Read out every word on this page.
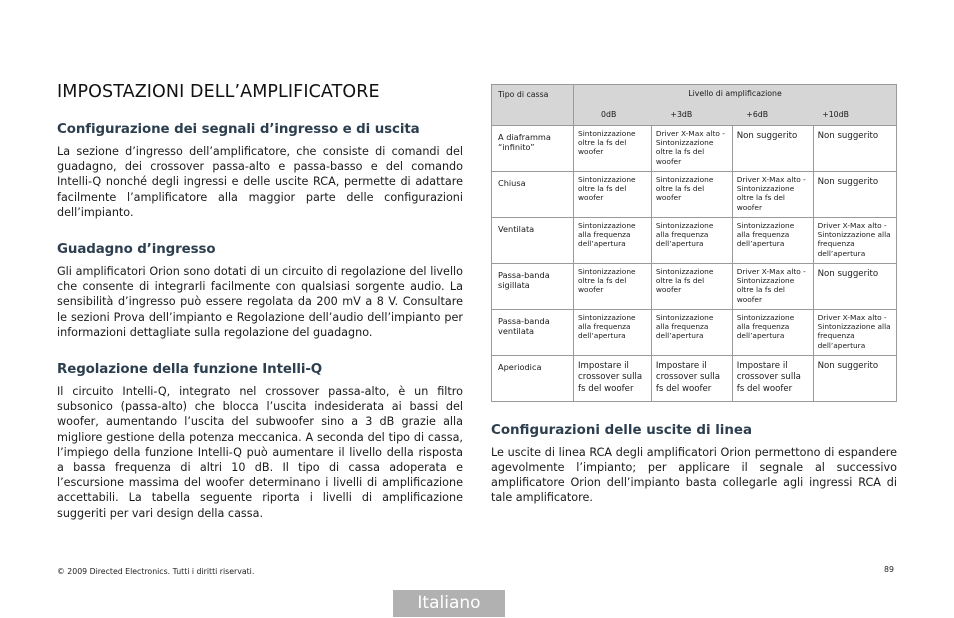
IMPOSTAZIONI DELL’AMPLIFICATORE
Configurazione dei segnali d’ingresso e di uscita

La sezione d’ingresso dell’amplificatore, che consiste di comandi del guadagno, dei crossover passa-alto e passa-basso e del comando Intelli-Q nonché degli ingressi e delle uscite RCA, permette di adattare facilmente l’amplificatore alla maggior parte delle configurazioni dell’impianto.

Guadagno d’ingresso

Gli amplificatori Orion sono dotati di un circuito di regolazione del livello che consente di integrarli facilmente con qualsiasi sorgente audio. La sensibilità d’ingresso può essere regolata da 200 mV a 8 V. Consultare le sezioni Prova dell’impianto e Regolazione dell’audio dell’impianto per informazioni dettagliate sulla regolazione del guadagno.

Regolazione della funzione Intelli-Q

Il circuito Intelli-Q, integrato nel crossover passa-alto, è un filtro subsonico (passa-alto) che blocca l’uscita indesiderata ai bassi del woofer, aumentando l’uscita del subwoofer sino a 3 dB grazie alla migliore gestione della potenza meccanica. A seconda del tipo di cassa, l’impiego della funzione Intelli-Q può aumentare il livello della risposta a bassa frequenza di altri 10 dB. Il tipo di cassa adoperata e l’escursione massima del woofer determinano i livelli di amplificazione accettabili. La tabella seguente riporta i livelli di amplificazione suggeriti per vari design della cassa.

Tipo di cassa	Livello di amplificazione
0dB +3dB +6dB +10dB			

A diaframma “infinito”	Sintonizzazione oltre la fs del woofer	Driver X-Max alto - Sintonizzazione oltre la fs del woofer	Non suggerito	Non suggerito
Chiusa	Sintonizzazione oltre la fs del woofer	Sintonizzazione oltre la fs del woofer	Driver X-Max alto - Sintonizzazione oltre la fs del woofer	Non suggerito
Ventilata	Sintonizzazione alla frequenza dell’apertura	Sintonizzazione alla frequenza dell’apertura	Sintonizzazione alla frequenza dell’apertura	Driver X-Max alto - Sintonizzazione alla frequenza dell’apertura
Passa-banda sigillata	Sintonizzazione oltre la fs del woofer	Sintonizzazione oltre la fs del woofer	Driver X-Max alto - Sintonizzazione oltre la fs del woofer	Non suggerito
Passa-banda ventilata	Sintonizzazione alla frequenza dell’apertura	Sintonizzazione alla frequenza dell’apertura	Sintonizzazione alla frequenza dell’apertura	Driver X-Max alto - Sintonizzazione alla frequenza dell’apertura
Aperiodica	Impostare il crossover sulla fs del woofer	Impostare il crossover sulla fs del woofer	Impostare il crossover sulla fs del woofer	Non suggerito
Configurazioni delle uscite di linea

Le uscite di linea RCA degli amplificatori Orion permettono di espandere agevolmente l’impianto; per applicare il segnale al successivo amplificatore Orion dell’impianto basta collegarle agli ingressi RCA di tale amplificatore.

© 2009 Directed Electronics. Tutti i diritti riservati.	89
Italiano
